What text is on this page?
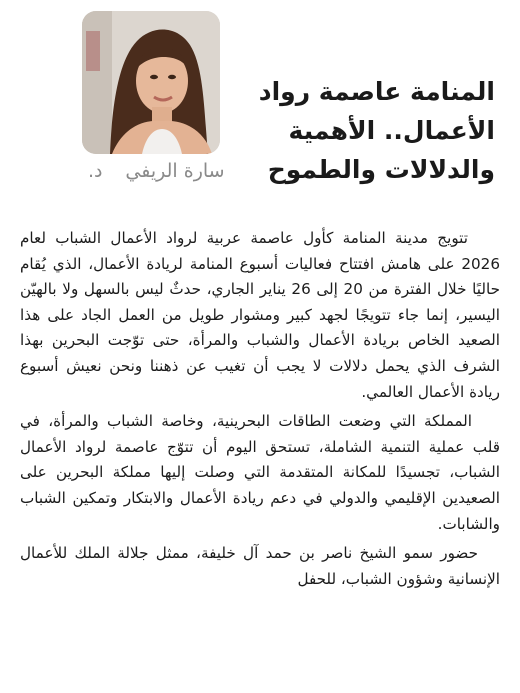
المنامة عاصمة رواد
الأعمال.. الأهمية
والدلالات والطموح
سارة الريفي
د.

تتويج مدينة المنامة كأول عاصمة عربية لرواد الأعمال الشباب لعام 2026 على هامش افتتاح فعاليات أسبوع المنامة لريادة الأعمال، الذي يُقام حاليًا خلال الفترة من 20 إلى 26 يناير الجاري، حدثٌ ليس بالسهل ولا بالهيّن اليسير، إنما جاء تتويجًا لجهد كبير ومشوار طويل من العمل الجاد على هذا الصعيد الخاص بريادة الأعمال والشباب والمرأة، حتى توّجت البحرين بهذا الشرف الذي يحمل دلالات لا يجب أن تغيب عن ذهننا ونحن نعيش أسبوع ريادة الأعمال العالمي.

المملكة التي وضعت الطاقات البحرينية، وخاصة الشباب والمرأة، في قلب عملية التنمية الشاملة، تستحق اليوم أن تتوّج عاصمة لرواد الأعمال الشباب، تجسيدًا للمكانة المتقدمة التي وصلت إليها مملكة البحرين على الصعيدين الإقليمي والدولي في دعم ريادة الأعمال والابتكار وتمكين الشباب والشابات.

حضور سمو الشيخ ناصر بن حمد آل خليفة، ممثل جلالة الملك للأعمال الإنسانية وشؤون الشباب، للحفل
